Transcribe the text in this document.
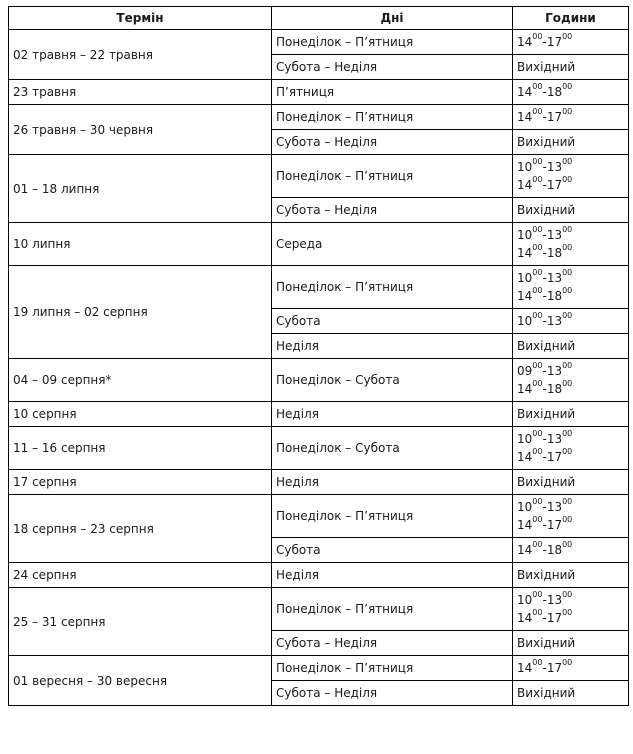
Термін	Дні	Години
02 травня – 22 травня	Понеділок – П’ятниця	$14^{00}-17^{00}$

	Субота – Неділя	Вихідний
23 травня	П’ятниця	$14^{00}-18^{00}$

26 травня – 30 червня	Понеділок – П’ятниця	$14^{00}-17^{00}$

	Субота – Неділя	Вихідний
01 – 18 липня	Понеділок – П’ятниця	$10^{00}-13^{00}$
$14^{00}-17^{00}$

	Субота – Неділя	Вихідний
10 липня	Середа	$10^{00}-13^{00}$
$14^{00}-18^{00}$

19 липня – 02 серпня	Понеділок – П’ятниця	$10^{00}-13^{00}$
$14^{00}-18^{00}$

	Субота	$10^{00}-13^{00}$

	Неділя	Вихідний
04 – 09 серпня*	Понеділок – Субота	$09^{00}-13^{00}$
$14^{00}-18^{00}$

10 серпня	Неділя	Вихідний
11 – 16 серпня	Понеділок – Субота	$10^{00}-13^{00}$
$14^{00}-17^{00}$

17 серпня	Неділя	Вихідний
18 серпня – 23 серпня	Понеділок – П’ятниця	$10^{00}-13^{00}$
$14^{00}-17^{00}$

	Субота	$14^{00}-18^{00}$

24 серпня	Неділя	Вихідний
25 – 31 серпня	Понеділок – П’ятниця	$10^{00}-13^{00}$
$14^{00}-17^{00}$

	Субота – Неділя	Вихідний
01 вересня – 30 вересня	Понеділок – П’ятниця	$14^{00}-17^{00}$

	Субота – Неділя	Вихідний
